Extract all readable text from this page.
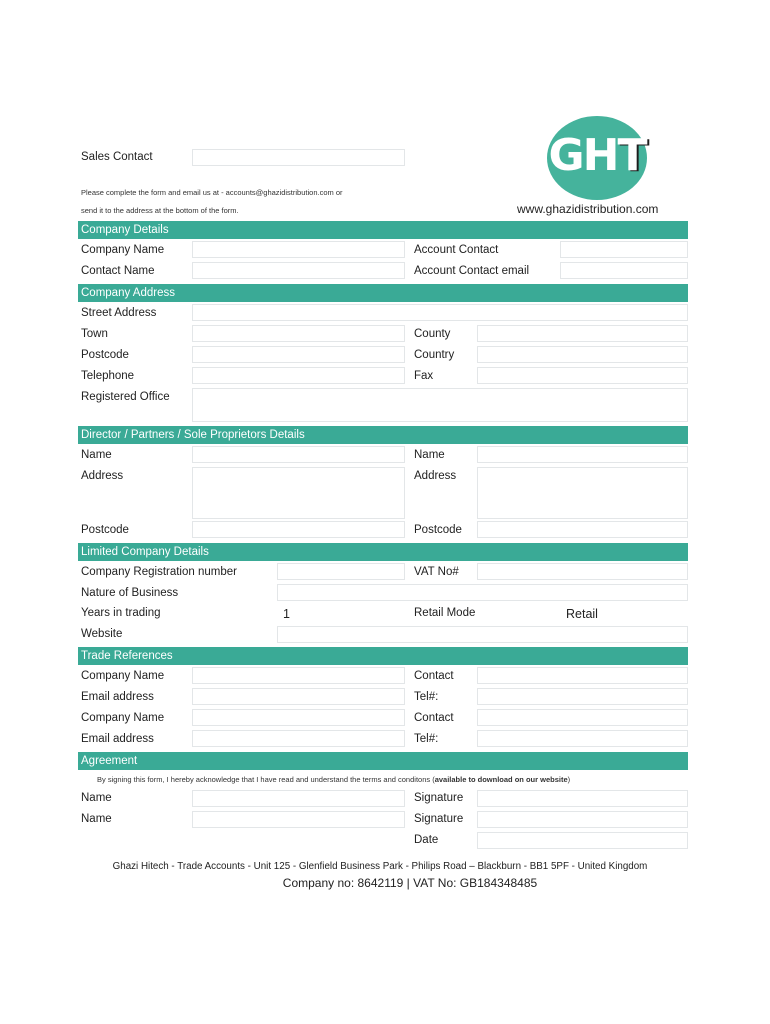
Sales Contact
Please complete the form and email us at - accounts@ghazidistribution.com or
send it to the address at the bottom of the form.
GHT
www.ghazidistribution.com
Company Details
Company Name
Contact Name
Account Contact
Account Contact email
Company Address
Street Address
Town
Postcode
Telephone
County
Country
Fax
Registered Office
Director / Partners / Sole Proprietors Details
Name
Address
Postcode
Name
Address
Postcode
Limited Company Details
Company Registration number
Nature of Business
Years in trading	1
Website
VAT No#
Retail Mode	Retail
Trade References
Company Name
Email address
Company Name
Email address
Contact
Tel#:
Contact
Tel#:
Agreement
By signing this form, I hereby acknowledge that I have read and understand the terms and conditons (available to download on our website)
Name
Name
Signature
Signature
Date
Ghazi Hitech - Trade Accounts - Unit 125 - Glenfield Business Park - Philips Road – Blackburn - BB1 5PF - United Kingdom
Company no: 8642119 | VAT No: GB184348485
